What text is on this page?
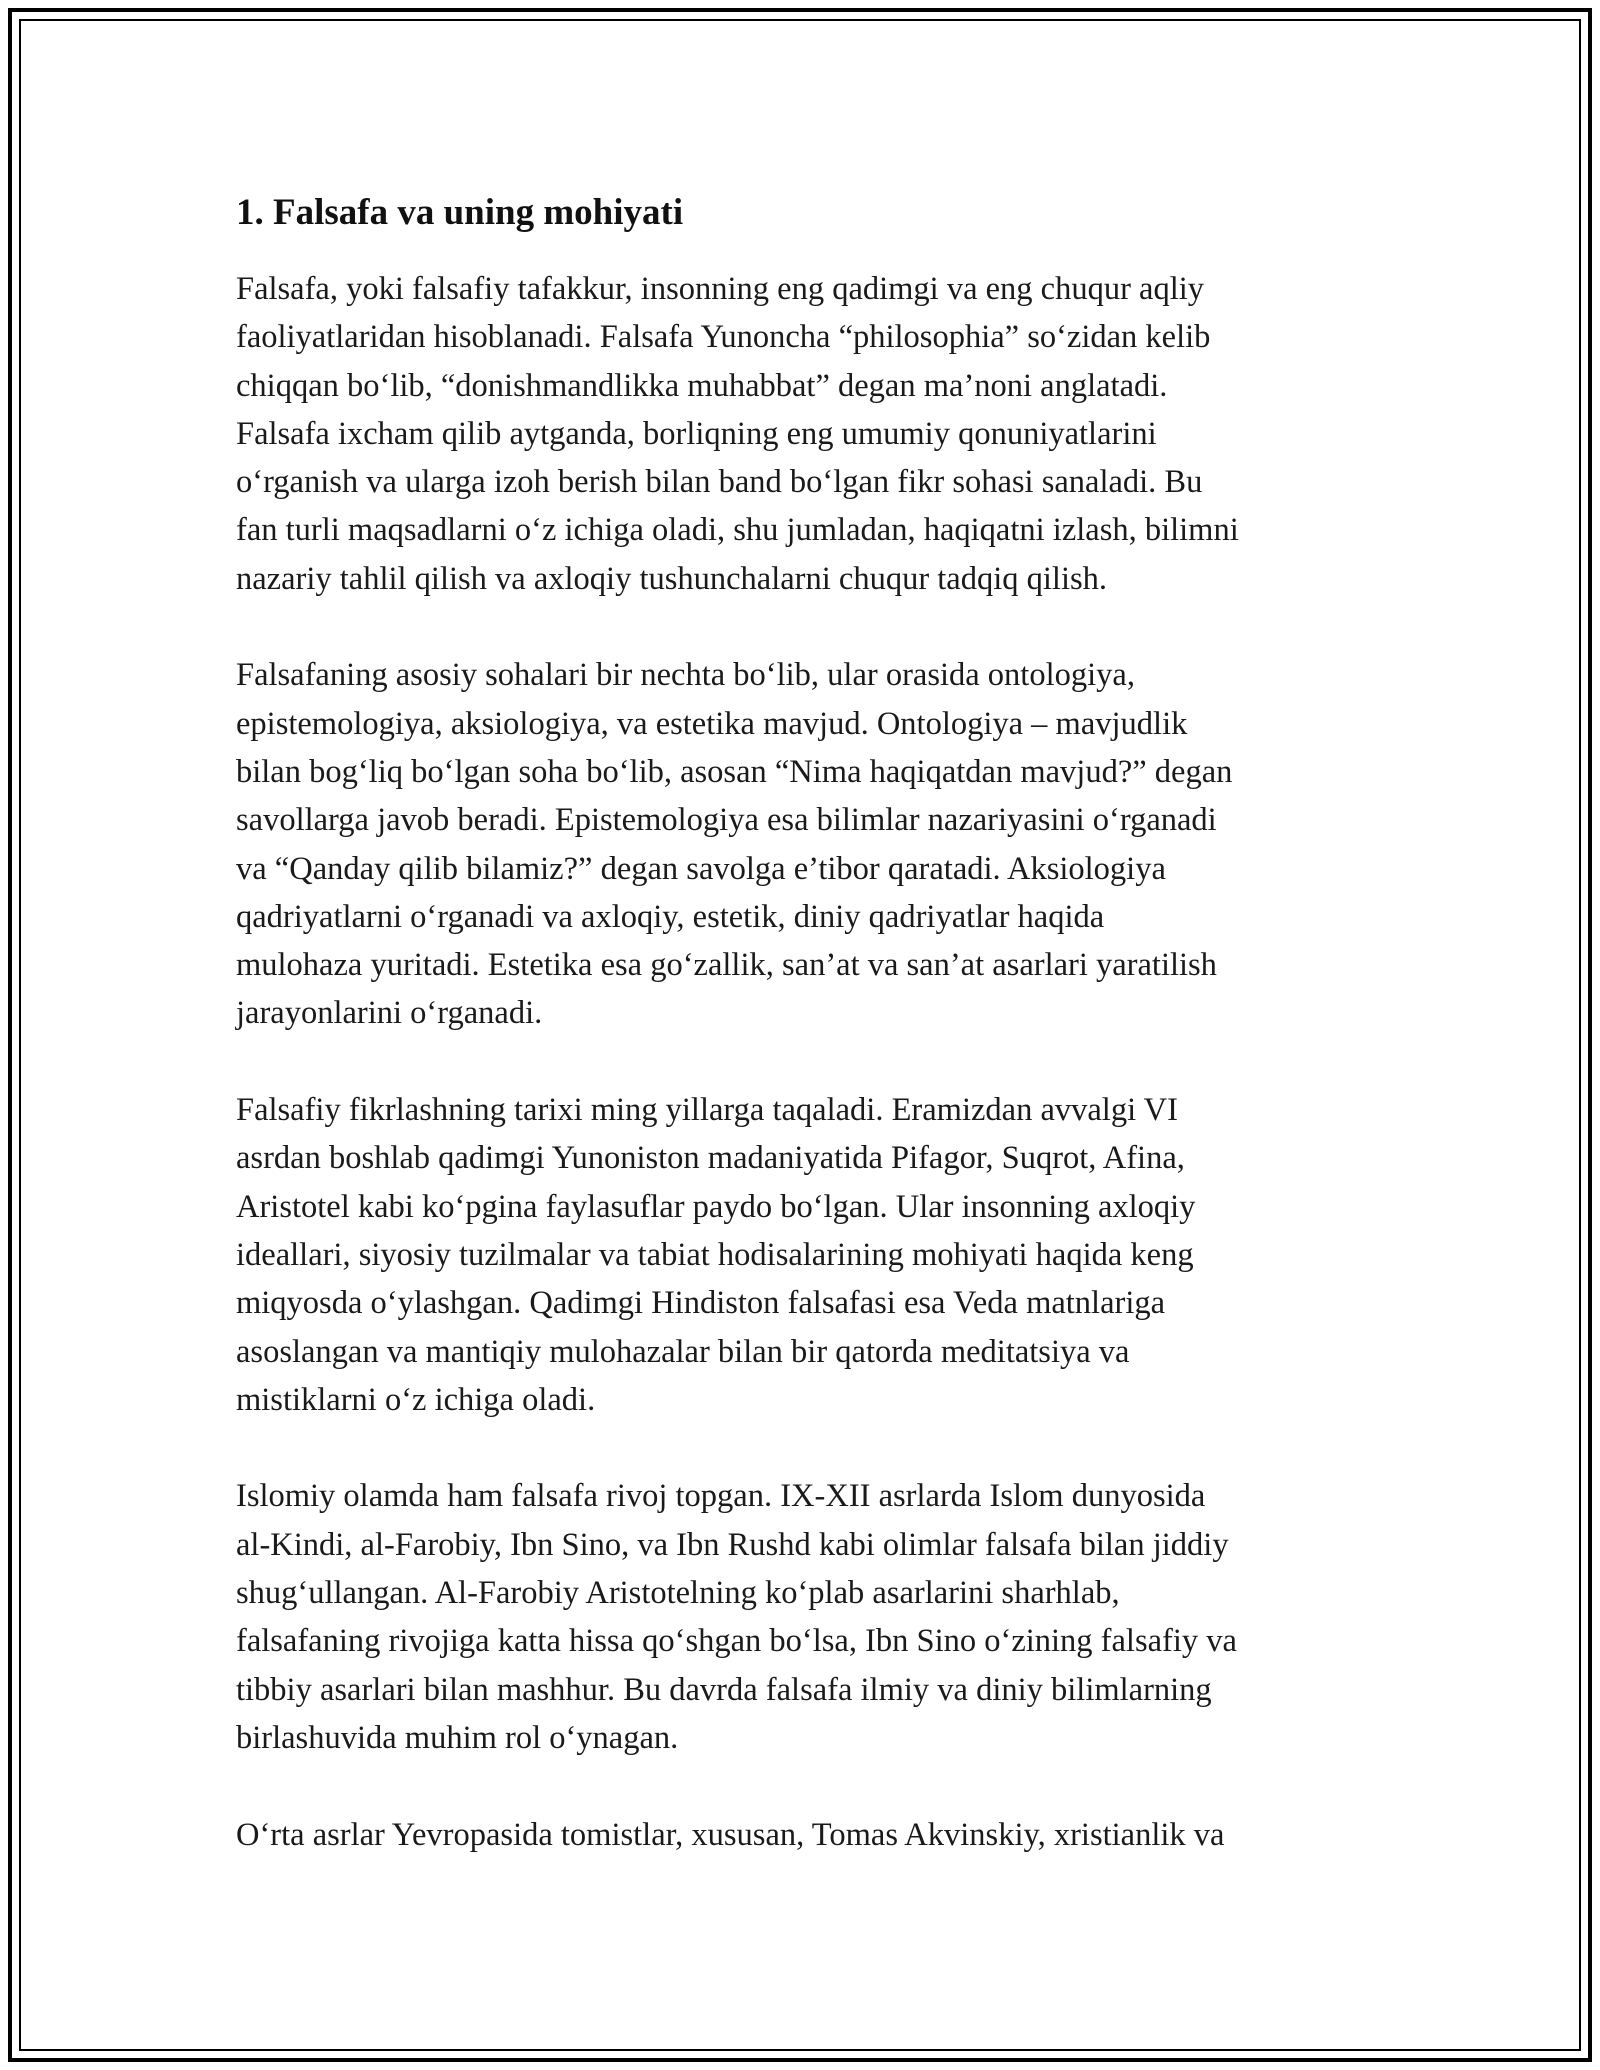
1. Falsafa va uning mohiyati

Falsafa, yoki falsafiy tafakkur, insonning eng qadimgi va eng chuqur aqliy
faoliyatlaridan hisoblanadi. Falsafa Yunoncha “philosophia” so‘zidan kelib
chiqqan bo‘lib, “donishmandlikka muhabbat” degan ma’noni anglatadi.
Falsafa ixcham qilib aytganda, borliqning eng umumiy qonuniyatlarini
o‘rganish va ularga izoh berish bilan band bo‘lgan fikr sohasi sanaladi. Bu
fan turli maqsadlarni o‘z ichiga oladi, shu jumladan, haqiqatni izlash, bilimni
nazariy tahlil qilish va axloqiy tushunchalarni chuqur tadqiq qilish.

Falsafaning asosiy sohalari bir nechta bo‘lib, ular orasida ontologiya,
epistemologiya, aksiologiya, va estetika mavjud. Ontologiya – mavjudlik
bilan bog‘liq bo‘lgan soha bo‘lib, asosan “Nima haqiqatdan mavjud?” degan
savollarga javob beradi. Epistemologiya esa bilimlar nazariyasini o‘rganadi
va “Qanday qilib bilamiz?” degan savolga e’tibor qaratadi. Aksiologiya
qadriyatlarni o‘rganadi va axloqiy, estetik, diniy qadriyatlar haqida
mulohaza yuritadi. Estetika esa go‘zallik, san’at va san’at asarlari yaratilish
jarayonlarini o‘rganadi.

Falsafiy fikrlashning tarixi ming yillarga taqaladi. Eramizdan avvalgi VI
asrdan boshlab qadimgi Yunoniston madaniyatida Pifagor, Suqrot, Afina,
Aristotel kabi ko‘pgina faylasuflar paydo bo‘lgan. Ular insonning axloqiy
ideallari, siyosiy tuzilmalar va tabiat hodisalarining mohiyati haqida keng
miqyosda o‘ylashgan. Qadimgi Hindiston falsafasi esa Veda matnlariga
asoslangan va mantiqiy mulohazalar bilan bir qatorda meditatsiya va
mistiklarni o‘z ichiga oladi.

Islomiy olamda ham falsafa rivoj topgan. IX-XII asrlarda Islom dunyosida
al-Kindi, al-Farobiy, Ibn Sino, va Ibn Rushd kabi olimlar falsafa bilan jiddiy
shug‘ullangan. Al-Farobiy Aristotelning ko‘plab asarlarini sharhlab,
falsafaning rivojiga katta hissa qo‘shgan bo‘lsa, Ibn Sino o‘zining falsafiy va
tibbiy asarlari bilan mashhur. Bu davrda falsafa ilmiy va diniy bilimlarning
birlashuvida muhim rol o‘ynagan.

O‘rta asrlar Yevropasida tomistlar, xususan, Tomas Akvinskiy, xristianlik va
